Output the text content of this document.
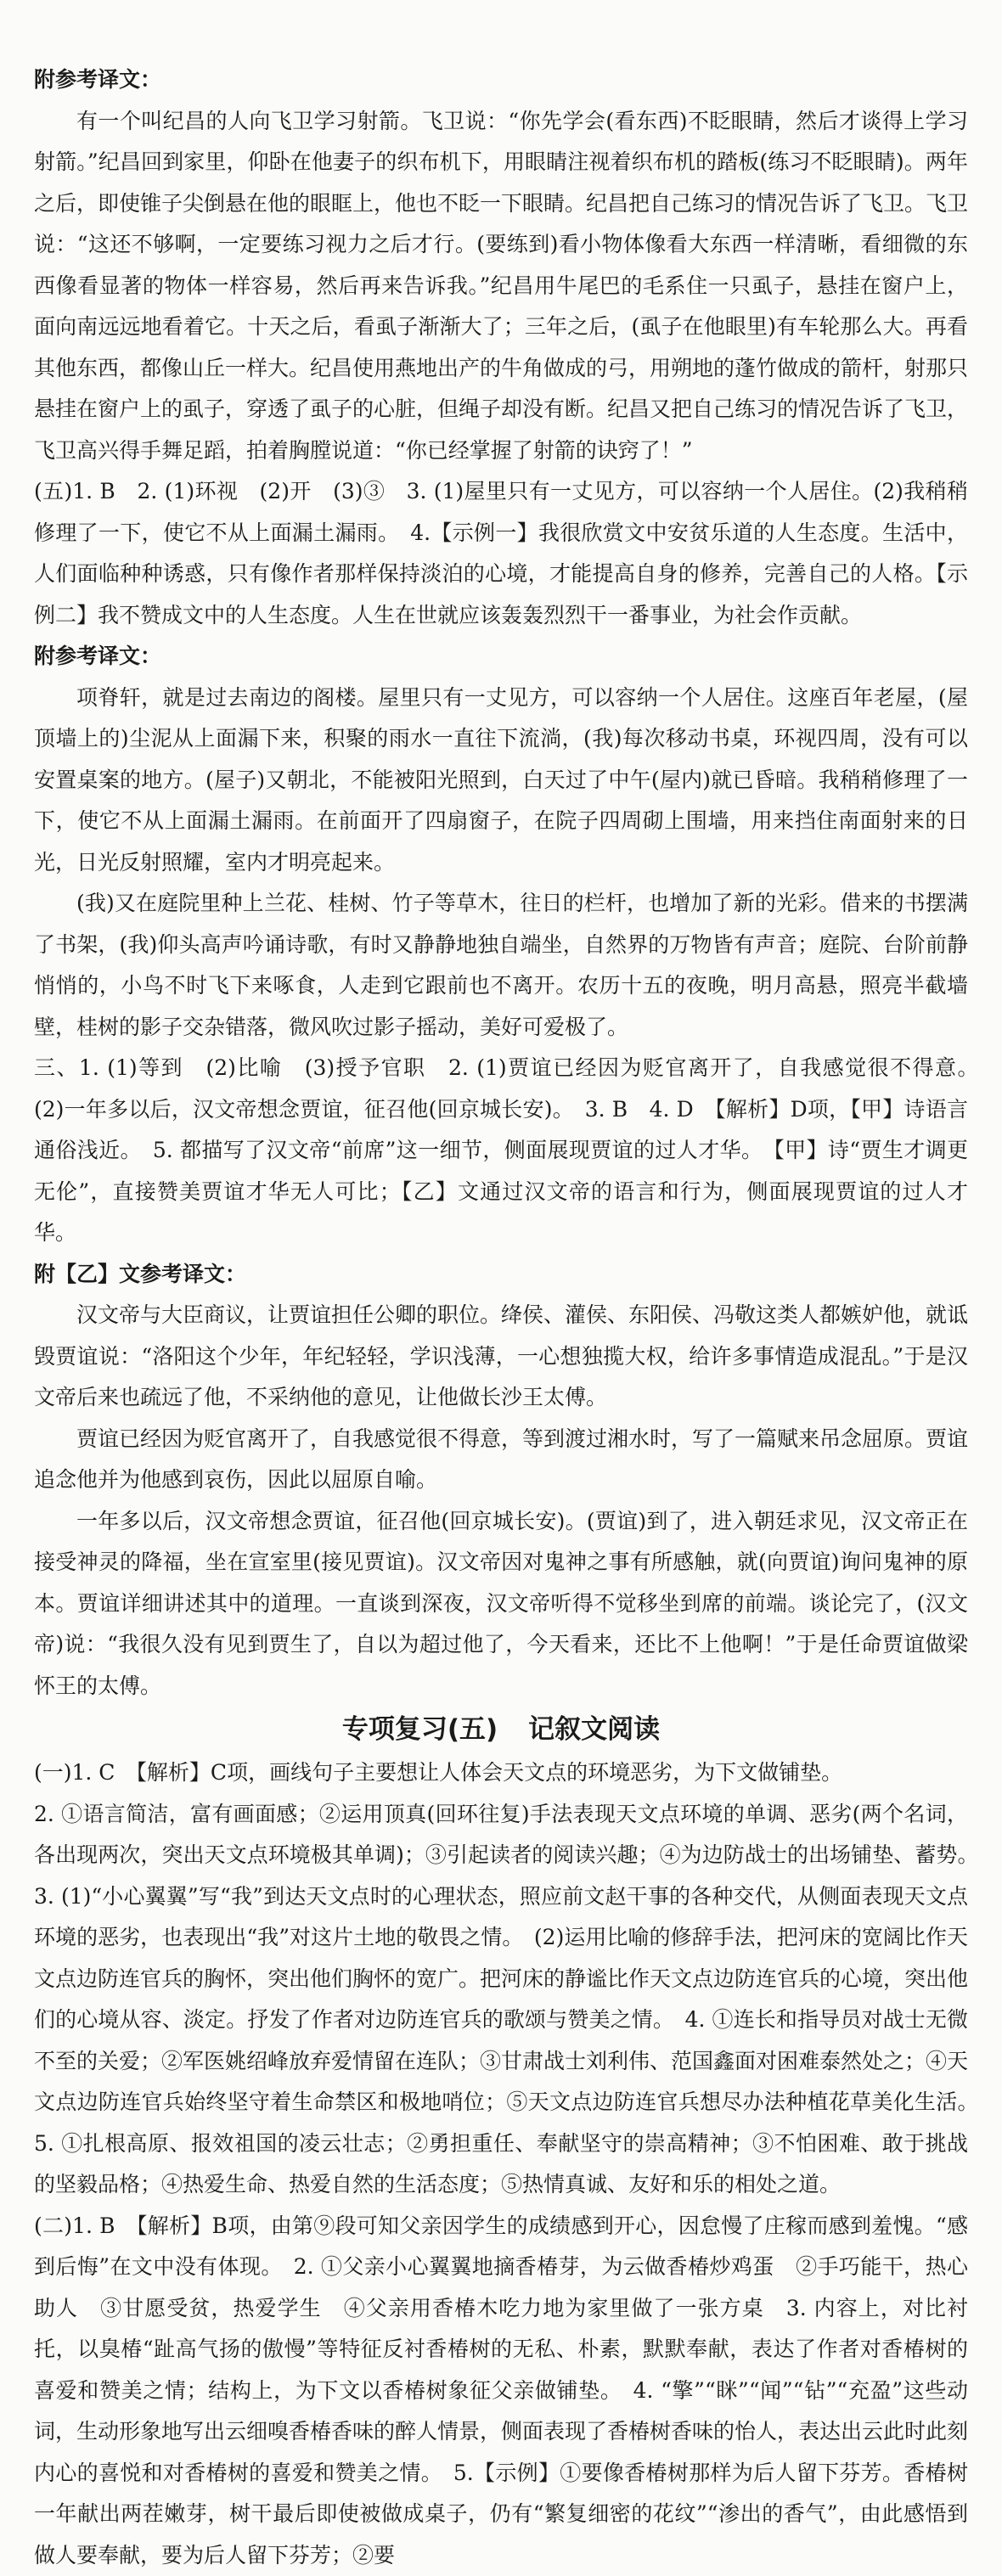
附参考译文：

有一个叫纪昌的人向飞卫学习射箭。飞卫说：“你先学会(看东西)不眨眼睛，然后才谈得上学习射箭。”纪昌回到家里，仰卧在他妻子的织布机下，用眼睛注视着织布机的踏板(练习不眨眼睛)。两年之后，即使锥子尖倒悬在他的眼眶上，他也不眨一下眼睛。纪昌把自己练习的情况告诉了飞卫。飞卫说：“这还不够啊，一定要练习视力之后才行。(要练到)看小物体像看大东西一样清晰，看细微的东西像看显著的物体一样容易，然后再来告诉我。”纪昌用牛尾巴的毛系住一只虱子，悬挂在窗户上，面向南远远地看着它。十天之后，看虱子渐渐大了；三年之后，(虱子在他眼里)有车轮那么大。再看其他东西，都像山丘一样大。纪昌使用燕地出产的牛角做成的弓，用朔地的蓬竹做成的箭杆，射那只悬挂在窗户上的虱子，穿透了虱子的心脏，但绳子却没有断。纪昌又把自己练习的情况告诉了飞卫，飞卫高兴得手舞足蹈，拍着胸膛说道：“你已经掌握了射箭的诀窍了！”

(五)1. B　2. (1)环视　(2)开　(3)③　3. (1)屋里只有一丈见方，可以容纳一个人居住。(2)我稍稍修理了一下，使它不从上面漏土漏雨。　4.【示例一】我很欣赏文中安贫乐道的人生态度。生活中，人们面临种种诱惑，只有像作者那样保持淡泊的心境，才能提高自身的修养，完善自己的人格。【示例二】我不赞成文中的人生态度。人生在世就应该轰轰烈烈干一番事业，为社会作贡献。

附参考译文：

项脊轩，就是过去南边的阁楼。屋里只有一丈见方，可以容纳一个人居住。这座百年老屋，(屋顶墙上的)尘泥从上面漏下来，积聚的雨水一直往下流淌，(我)每次移动书桌，环视四周，没有可以安置桌案的地方。(屋子)又朝北，不能被阳光照到，白天过了中午(屋内)就已昏暗。我稍稍修理了一下，使它不从上面漏土漏雨。在前面开了四扇窗子，在院子四周砌上围墙，用来挡住南面射来的日光，日光反射照耀，室内才明亮起来。

(我)又在庭院里种上兰花、桂树、竹子等草木，往日的栏杆，也增加了新的光彩。借来的书摆满了书架，(我)仰头高声吟诵诗歌，有时又静静地独自端坐，自然界的万物皆有声音；庭院、台阶前静悄悄的，小鸟不时飞下来啄食，人走到它跟前也不离开。农历十五的夜晚，明月高悬，照亮半截墙壁，桂树的影子交杂错落，微风吹过影子摇动，美好可爱极了。

三、1. (1)等到　(2)比喻　(3)授予官职　2. (1)贾谊已经因为贬官离开了，自我感觉很不得意。　(2)一年多以后，汉文帝想念贾谊，征召他(回京城长安)。　3. B　4. D　【解析】D项，【甲】诗语言通俗浅近。　5. 都描写了汉文帝“前席”这一细节，侧面展现贾谊的过人才华。　【甲】诗“贾生才调更无伦”，直接赞美贾谊才华无人可比；【乙】文通过汉文帝的语言和行为，侧面展现贾谊的过人才华。

附【乙】文参考译文：

汉文帝与大臣商议，让贾谊担任公卿的职位。绛侯、灌侯、东阳侯、冯敬这类人都嫉妒他，就诋毁贾谊说：“洛阳这个少年，年纪轻轻，学识浅薄，一心想独揽大权，给许多事情造成混乱。”于是汉文帝后来也疏远了他，不采纳他的意见，让他做长沙王太傅。

贾谊已经因为贬官离开了，自我感觉很不得意，等到渡过湘水时，写了一篇赋来吊念屈原。贾谊追念他并为他感到哀伤，因此以屈原自喻。

一年多以后，汉文帝想念贾谊，征召他(回京城长安)。(贾谊)到了，进入朝廷求见，汉文帝正在接受神灵的降福，坐在宣室里(接见贾谊)。汉文帝因对鬼神之事有所感触，就(向贾谊)询问鬼神的原本。贾谊详细讲述其中的道理。一直谈到深夜，汉文帝听得不觉移坐到席的前端。谈论完了，(汉文帝)说：“我很久没有见到贾生了，自以为超过他了，今天看来，还比不上他啊！”于是任命贾谊做梁怀王的太傅。

专项复习(五) 记叙文阅读

(一)1. C　【解析】C项，画线句子主要想让人体会天文点的环境恶劣，为下文做铺垫。

2. ①语言简洁，富有画面感；②运用顶真(回环往复)手法表现天文点环境的单调、恶劣(两个名词，各出现两次，突出天文点环境极其单调)；③引起读者的阅读兴趣；④为边防战士的出场铺垫、蓄势。　3. (1)“小心翼翼”写“我”到达天文点时的心理状态，照应前文赵干事的各种交代，从侧面表现天文点环境的恶劣，也表现出“我”对这片土地的敬畏之情。　(2)运用比喻的修辞手法，把河床的宽阔比作天文点边防连官兵的胸怀，突出他们胸怀的宽广。把河床的静谧比作天文点边防连官兵的心境，突出他们的心境从容、淡定。抒发了作者对边防连官兵的歌颂与赞美之情。　4. ①连长和指导员对战士无微不至的关爱；②军医姚绍峰放弃爱情留在连队；③甘肃战士刘利伟、范国鑫面对困难泰然处之；④天文点边防连官兵始终坚守着生命禁区和极地哨位；⑤天文点边防连官兵想尽办法种植花草美化生活。　5. ①扎根高原、报效祖国的凌云壮志；②勇担重任、奉献坚守的崇高精神；③不怕困难、敢于挑战的坚毅品格；④热爱生命、热爱自然的生活态度；⑤热情真诚、友好和乐的相处之道。

(二)1. B　【解析】B项，由第⑨段可知父亲因学生的成绩感到开心，因怠慢了庄稼而感到羞愧。“感到后悔”在文中没有体现。　2. ①父亲小心翼翼地摘香椿芽，为云做香椿炒鸡蛋　②手巧能干，热心助人　③甘愿受贫，热爱学生　④父亲用香椿木吃力地为家里做了一张方桌　3. 内容上，对比衬托，以臭椿“趾高气扬的傲慢”等特征反衬香椿树的无私、朴素，默默奉献，表达了作者对香椿树的喜爱和赞美之情；结构上，为下文以香椿树象征父亲做铺垫。　4. “擎”“眯”“闻”“钻”“充盈”这些动词，生动形象地写出云细嗅香椿香味的醉人情景，侧面表现了香椿树香味的怡人，表达出云此时此刻内心的喜悦和对香椿树的喜爱和赞美之情。　5.【示例】①要像香椿树那样为后人留下芬芳。香椿树一年献出两茬嫩芽，树干最后即使被做成桌子，仍有“繁复细密的花纹”“渗出的香气”，由此感悟到做人要奉献，要为后人留下芬芳；②要
